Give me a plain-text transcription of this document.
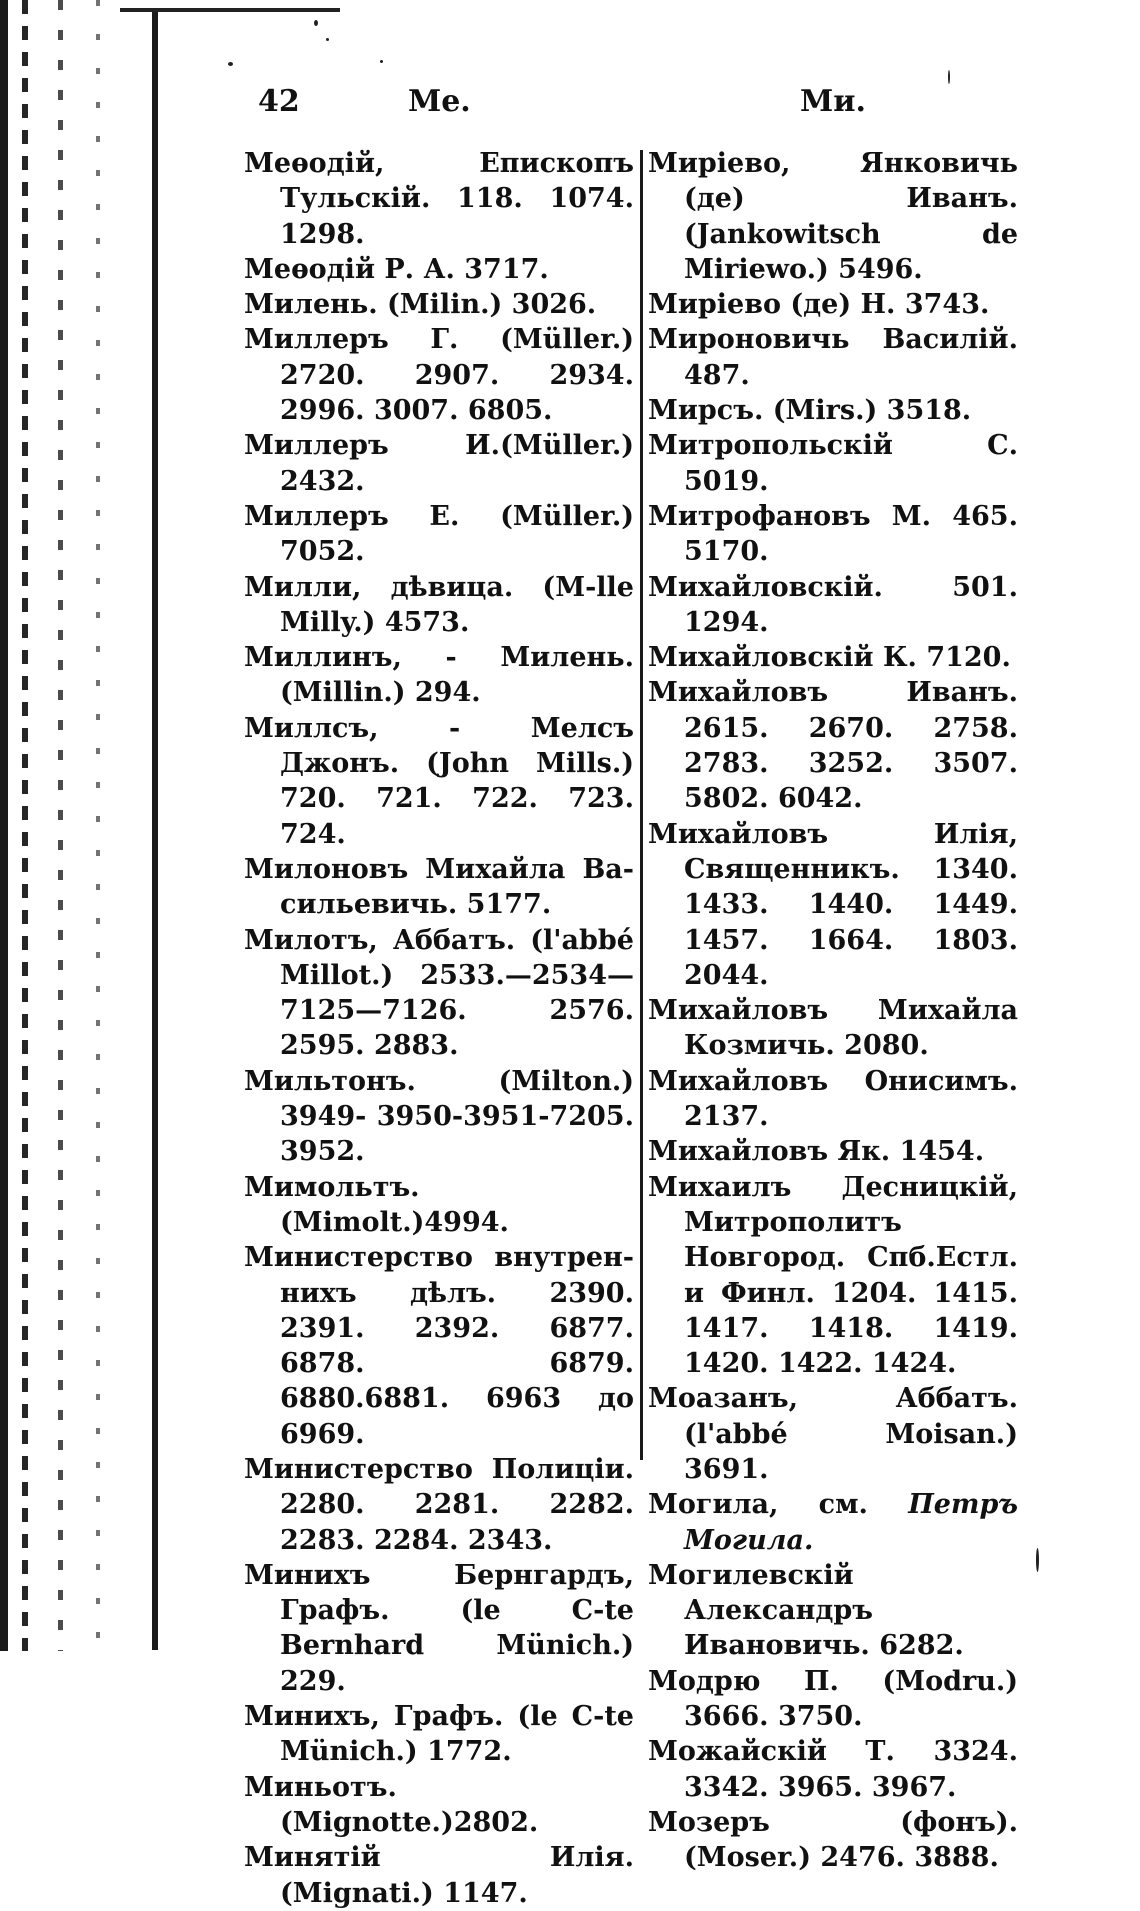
42	Ме.	Ми.

Меѳодій, Епископъ Тульскій. 118. 1074. 1298.

Меѳодій Р. А. 3717.

Милень. (Milin.) 3026.

Миллеръ Г. (Müller.) 2720. 2907. 2934. 2996. 3007. 6805.

Миллеръ И.(Müller.) 2432.

Миллеръ Е. (Müller.) 7052.

Милли, дѣвица. (M-lle Milly.) 4573.

Миллинъ, - Милень. (Millin.) 294.

Миллсъ, - Мелсъ Джонъ. (John Mills.) 720. 721. 722. 723. 724.

Милоновъ Михайла Васильевичь. 5177.

Милотъ, Аббатъ. (l'abbé Millot.) 2533.—2534— 7125—7126. 2576. 2595. 2883.

Мильтонъ. (Milton.) 3949- 3950-3951-7205. 3952.

Мимольтъ. (Mimolt.)4994.

Министерство внутреннихъ дѣлъ. 2390. 2391. 2392. 6877. 6878. 6879. 6880.6881. 6963 до 6969.

Министерство Полиціи. 2280. 2281. 2282. 2283. 2284. 2343.

Минихъ Бернгардъ, Графъ. (le C-te Bernhard Münich.) 229.

Минихъ, Графъ. (le C-te Münich.) 1772.

Миньотъ. (Mignotte.)2802.

Минятій Илія. (Mignati.) 1147.

Миріево, Янковичь (де) Иванъ. (Jankowitsch de Miriewo.) 5496.

Миріево (де) Н. 3743.

Мироновичь Василій. 487.

Мирсъ. (Mirs.) 3518.

Митропольскій С. 5019.

Митрофановъ М. 465. 5170.

Михайловскій. 501. 1294.

Михайловскій К. 7120.

Михайловъ Иванъ. 2615. 2670. 2758. 2783. 3252. 3507. 5802. 6042.

Михайловъ Илія, Священникъ. 1340. 1433. 1440. 1449. 1457. 1664. 1803. 2044.

Михайловъ Михайла Козмичь. 2080.

Михайловъ Онисимъ. 2137.

Михайловъ Як. 1454.

Михаилъ Десницкій, Митрополитъ Новгород. Спб.Естл. и Финл. 1204. 1415. 1417. 1418. 1419. 1420. 1422. 1424.

Моазанъ, Аббатъ. (l'abbé Moisan.) 3691.

Могила, см. Петръ Могила.

Могилевскій Александръ Ивановичь. 6282.

Модрю П. (Modru.) 3666. 3750.

Можайскій Т. 3324. 3342. 3965. 3967.

Мозеръ (фонъ). (Moser.) 2476. 3888.
